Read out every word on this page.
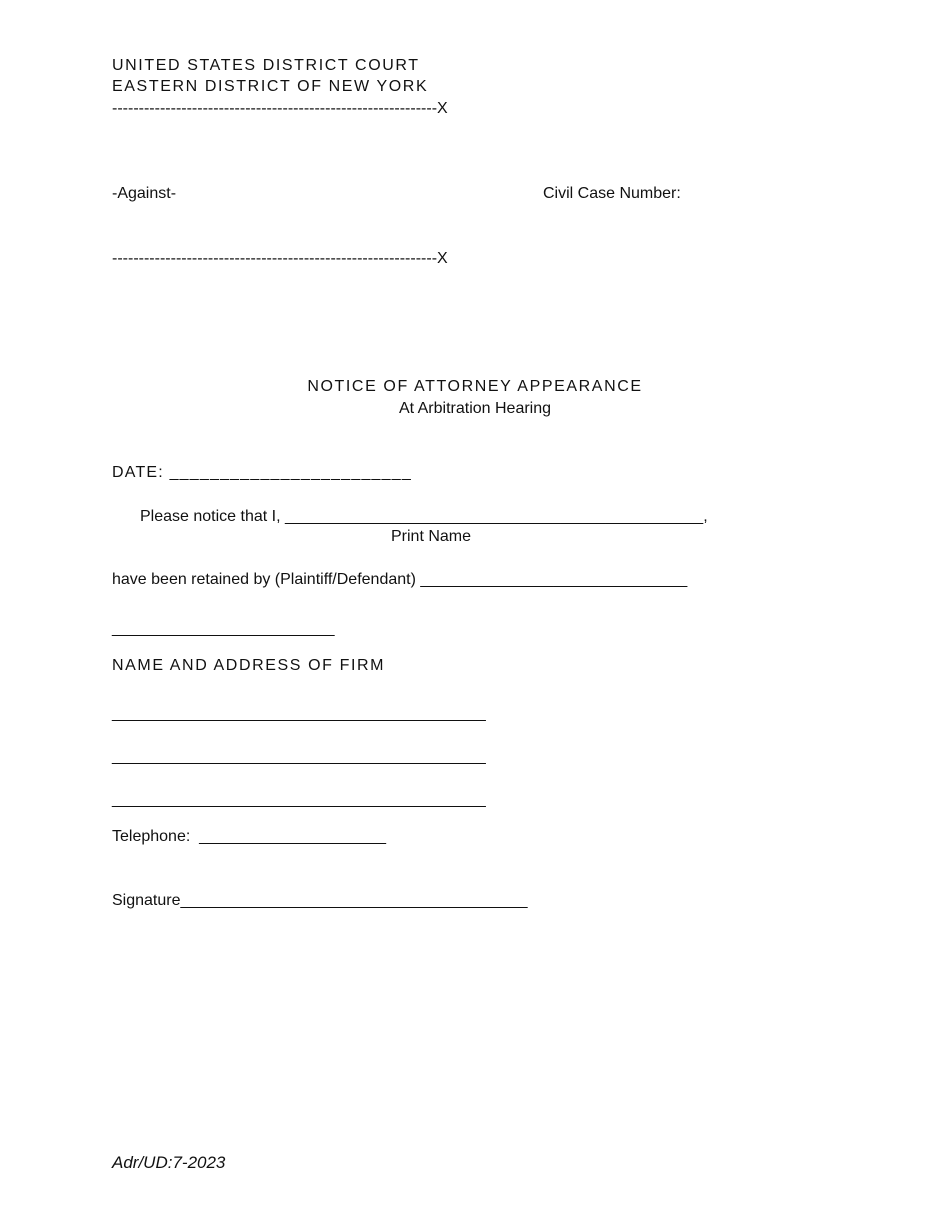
UNITED STATES DISTRICT COURT
EASTERN DISTRICT OF NEW YORK
-------------------------------------------------------------X
-Against-	Civil Case Number:
-------------------------------------------------------------X
NOTICE OF ATTORNEY APPEARANCE
At Arbitration Hearing
DATE: ________________________
Please notice that I, _______________________________________________,
Print Name
have been retained by (Plaintiff/Defendant) ______________________________
_________________________
NAME AND ADDRESS OF FIRM
__________________________________________
__________________________________________
__________________________________________
Telephone:  _____________________
Signature_______________________________________
Adr/UD:7-2023
